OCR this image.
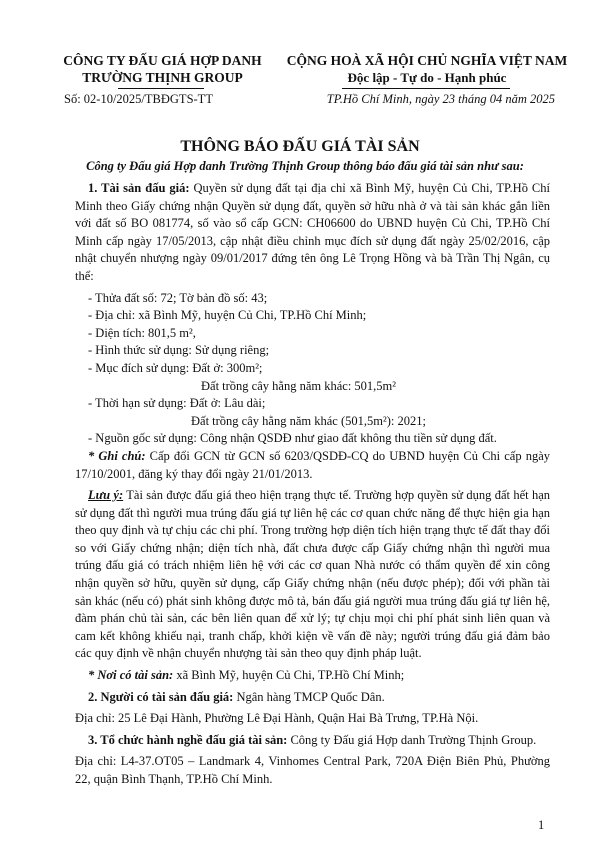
CÔNG TY ĐẤU GIÁ HỢP DANH
TRƯỜNG THỊNH GROUP
CỘNG HOÀ XÃ HỘI CHỦ NGHĨA VIỆT NAM
Độc lập - Tự do - Hạnh phúc
Số: 02-10/2025/TBĐGTS-TT	TP.Hồ Chí Minh, ngày 23 tháng 04 năm 2025
THÔNG BÁO ĐẤU GIÁ TÀI SẢN
Công ty Đấu giá Hợp danh Trường Thịnh Group thông báo đấu giá tài sản như sau:

1. Tài sản đấu giá: Quyền sử dụng đất tại địa chỉ xã Bình Mỹ, huyện Củ Chi, TP.Hồ Chí Minh theo Giấy chứng nhận Quyền sử dụng đất, quyền sở hữu nhà ở và tài sản khác gắn liền với đất số BO 081774, số vào sổ cấp GCN: CH06600 do UBND huyện Củ Chi, TP.Hồ Chí Minh cấp ngày 17/05/2013, cập nhật điều chỉnh mục đích sử dụng đất ngày 25/02/2016, cập nhật chuyển nhượng ngày 09/01/2017 đứng tên ông Lê Trọng Hồng và bà Trần Thị Ngân, cụ thể:

- Thửa đất số: 72; Tờ bản đồ số: 43;

- Địa chỉ: xã Bình Mỹ, huyện Củ Chi, TP.Hồ Chí Minh;

- Diện tích: 801,5 m²,

- Hình thức sử dụng: Sử dụng riêng;

- Mục đích sử dụng: Đất ở: 300m²;

Đất trồng cây hằng năm khác: 501,5m²

- Thời hạn sử dụng: Đất ở: Lâu dài;

Đất trồng cây hằng năm khác (501,5m²): 2021;

- Nguồn gốc sử dụng: Công nhận QSDĐ như giao đất không thu tiền sử dụng đất.

* Ghi chú: Cấp đổi GCN từ GCN số 6203/QSDĐ-CQ do UBND huyện Củ Chi cấp ngày 17/10/2001, đăng ký thay đổi ngày 21/01/2013.

Lưu ý: Tài sản được đấu giá theo hiện trạng thực tế. Trường hợp quyền sử dụng đất hết hạn sử dụng đất thì người mua trúng đấu giá tự liên hệ các cơ quan chức năng để thực hiện gia hạn theo quy định và tự chịu các chi phí. Trong trường hợp diện tích hiện trạng thực tế đất thay đổi so với Giấy chứng nhận; diện tích nhà, đất chưa được cấp Giấy chứng nhận thì người mua trúng đấu giá có trách nhiệm liên hệ với các cơ quan Nhà nước có thẩm quyền để xin công nhận quyền sở hữu, quyền sử dụng, cấp Giấy chứng nhận (nếu được phép); đối với phần tài sản khác (nếu có) phát sinh không được mô tả, bán đấu giá người mua trúng đấu giá tự liên hệ, đàm phán chủ tài sản, các bên liên quan để xử lý; tự chịu mọi chi phí phát sinh liên quan và cam kết không khiếu nại, tranh chấp, khởi kiện về vấn đề này; người trúng đấu giá đảm bảo các quy định về nhận chuyển nhượng tài sản theo quy định pháp luật.

* Nơi có tài sản: xã Bình Mỹ, huyện Củ Chi, TP.Hồ Chí Minh;

2. Người có tài sản đấu giá: Ngân hàng TMCP Quốc Dân.

Địa chỉ: 25 Lê Đại Hành, Phường Lê Đại Hành, Quận Hai Bà Trưng, TP.Hà Nội.

3. Tổ chức hành nghề đấu giá tài sản: Công ty Đấu giá Hợp danh Trường Thịnh Group.

Địa chỉ: L4-37.OT05 – Landmark 4, Vinhomes Central Park, 720A Điện Biên Phủ, Phường 22, quận Bình Thạnh, TP.Hồ Chí Minh.

1
